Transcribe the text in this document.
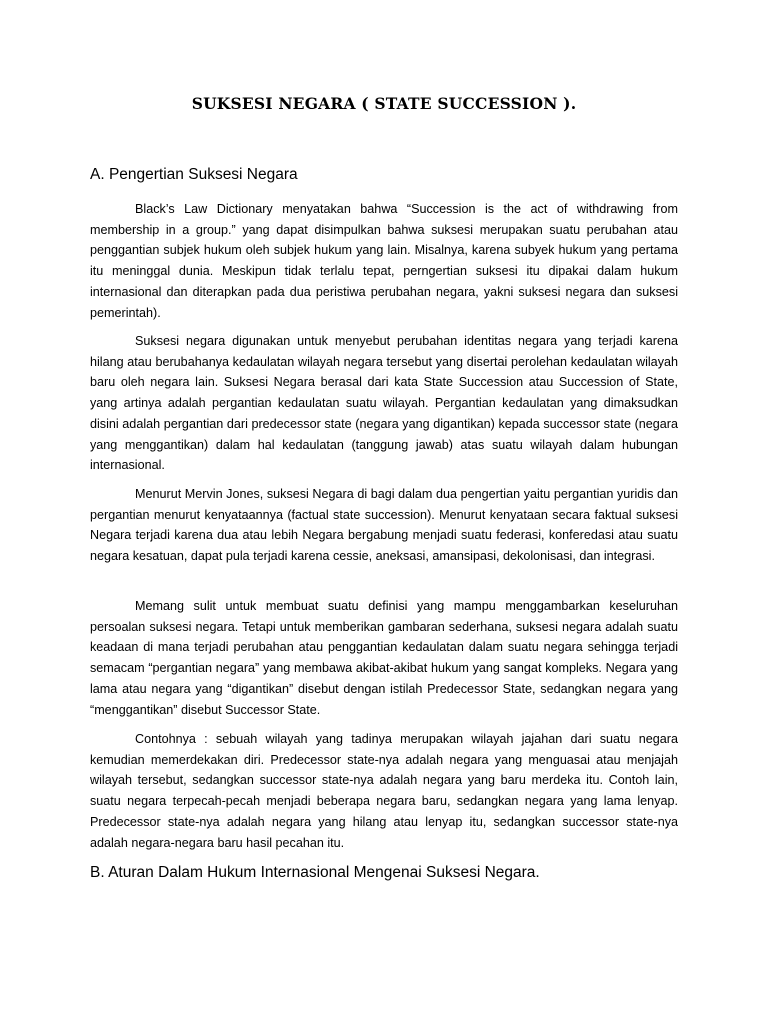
SUKSESI NEGARA ( STATE SUCCESSION ).
A. Pengertian Suksesi Negara

Black’s Law Dictionary menyatakan bahwa “Succession is the act of withdrawing from membership in a group.” yang dapat disimpulkan bahwa suksesi merupakan suatu perubahan atau penggantian subjek hukum oleh subjek hukum yang lain. Misalnya, karena subyek hukum yang pertama itu meninggal dunia. Meskipun tidak terlalu tepat, perngertian suksesi itu dipakai dalam hukum internasional dan diterapkan pada dua peristiwa perubahan negara, yakni suksesi negara dan suksesi pemerintah).

Suksesi negara digunakan untuk menyebut perubahan identitas negara yang terjadi karena hilang atau berubahanya kedaulatan wilayah negara tersebut yang disertai perolehan kedaulatan wilayah baru oleh negara lain. Suksesi Negara berasal dari kata State Succession atau Succession of State, yang artinya adalah pergantian kedaulatan suatu wilayah. Pergantian kedaulatan yang dimaksudkan disini adalah pergantian dari predecessor state (negara yang digantikan) kepada successor state (negara yang menggantikan) dalam hal kedaulatan (tanggung jawab) atas suatu wilayah dalam hubungan internasional.

Menurut Mervin Jones, suksesi Negara di bagi dalam dua pengertian yaitu pergantian yuridis dan pergantian menurut kenyataannya (factual state succession). Menurut kenyataan secara faktual suksesi Negara terjadi karena dua atau lebih Negara bergabung menjadi suatu federasi, konferedasi atau suatu negara kesatuan, dapat pula terjadi karena cessie, aneksasi, amansipasi, dekolonisasi, dan integrasi.

Memang sulit untuk membuat suatu definisi yang mampu menggambarkan keseluruhan persoalan suksesi negara. Tetapi untuk memberikan gambaran sederhana, suksesi negara adalah suatu keadaan di mana terjadi perubahan atau penggantian kedaulatan dalam suatu negara sehingga terjadi semacam “pergantian negara” yang membawa akibat-akibat hukum yang sangat kompleks. Negara yang lama atau negara yang “digantikan” disebut dengan istilah Predecessor State, sedangkan negara yang “menggantikan” disebut Successor State.

Contohnya : sebuah wilayah yang tadinya merupakan wilayah jajahan dari suatu negara kemudian memerdekakan diri. Predecessor state-nya adalah negara yang menguasai atau menjajah wilayah tersebut, sedangkan successor state-nya adalah negara yang baru merdeka itu. Contoh lain, suatu negara terpecah-pecah menjadi beberapa negara baru, sedangkan negara yang lama lenyap. Predecessor state-nya adalah negara yang hilang atau lenyap itu, sedangkan successor state-nya adalah negara-negara baru hasil pecahan itu.

B. Aturan Dalam Hukum Internasional Mengenai Suksesi Negara.
